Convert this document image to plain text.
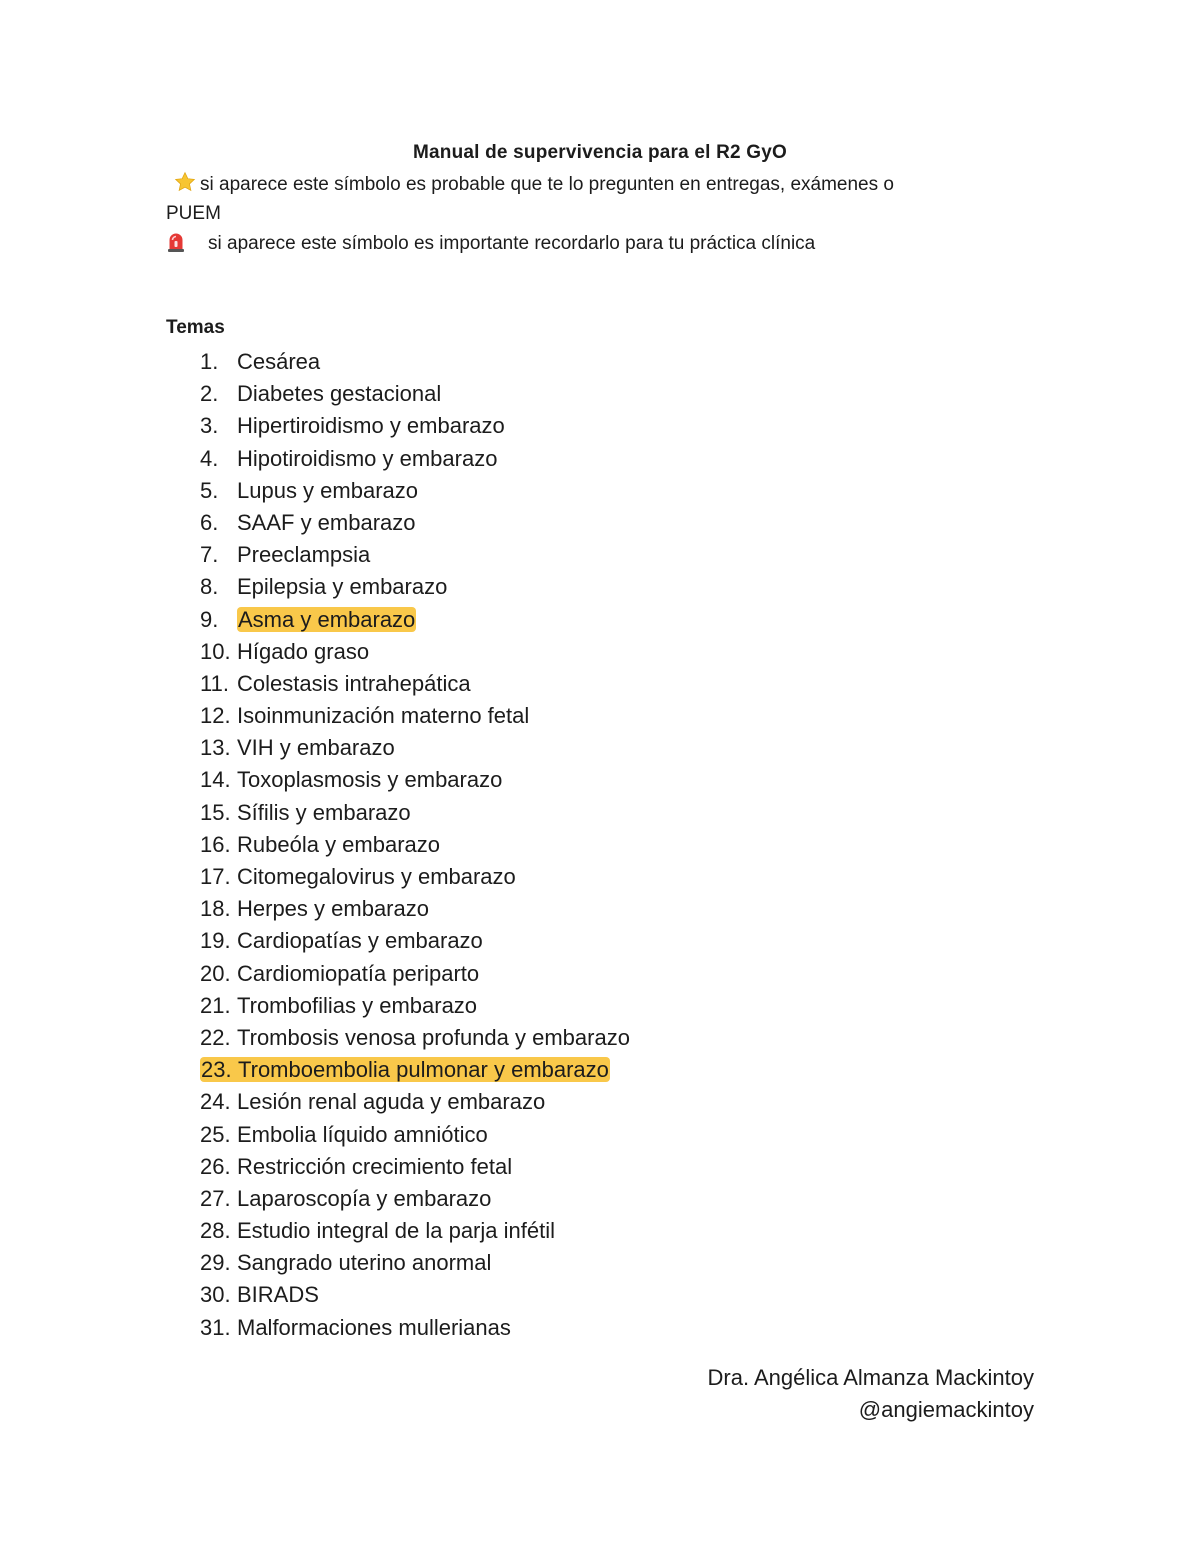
Manual de supervivencia para el R2 GyO
si aparece este símbolo es probable que te lo pregunten en entregas, exámenes o
PUEM
si aparece este símbolo es importante recordarlo para tu práctica clínica
Temas
1. Cesárea
2. Diabetes gestacional
3. Hipertiroidismo y embarazo
4. Hipotiroidismo y embarazo
5. Lupus y embarazo
6. SAAF y embarazo
7. Preeclampsia
8. Epilepsia y embarazo
9. Asma y embarazo
10. Hígado graso
11. Colestasis intrahepática
12. Isoinmunización materno fetal
13. VIH y embarazo
14. Toxoplasmosis y embarazo
15. Sífilis y embarazo
16. Rubeóla y embarazo
17. Citomegalovirus y embarazo
18. Herpes y embarazo
19. Cardiopatías y embarazo
20. Cardiomiopatía periparto
21. Trombofilias y embarazo
22. Trombosis venosa profunda y embarazo
23. Tromboembolia pulmonar y embarazo
24. Lesión renal aguda y embarazo
25. Embolia líquido amniótico
26. Restricción crecimiento fetal
27. Laparoscopía y embarazo
28. Estudio integral de la parja infétil
29. Sangrado uterino anormal
30. BIRADS
31. Malformaciones mullerianas
Dra. Angélica Almanza Mackintoy
@angiemackintoy
